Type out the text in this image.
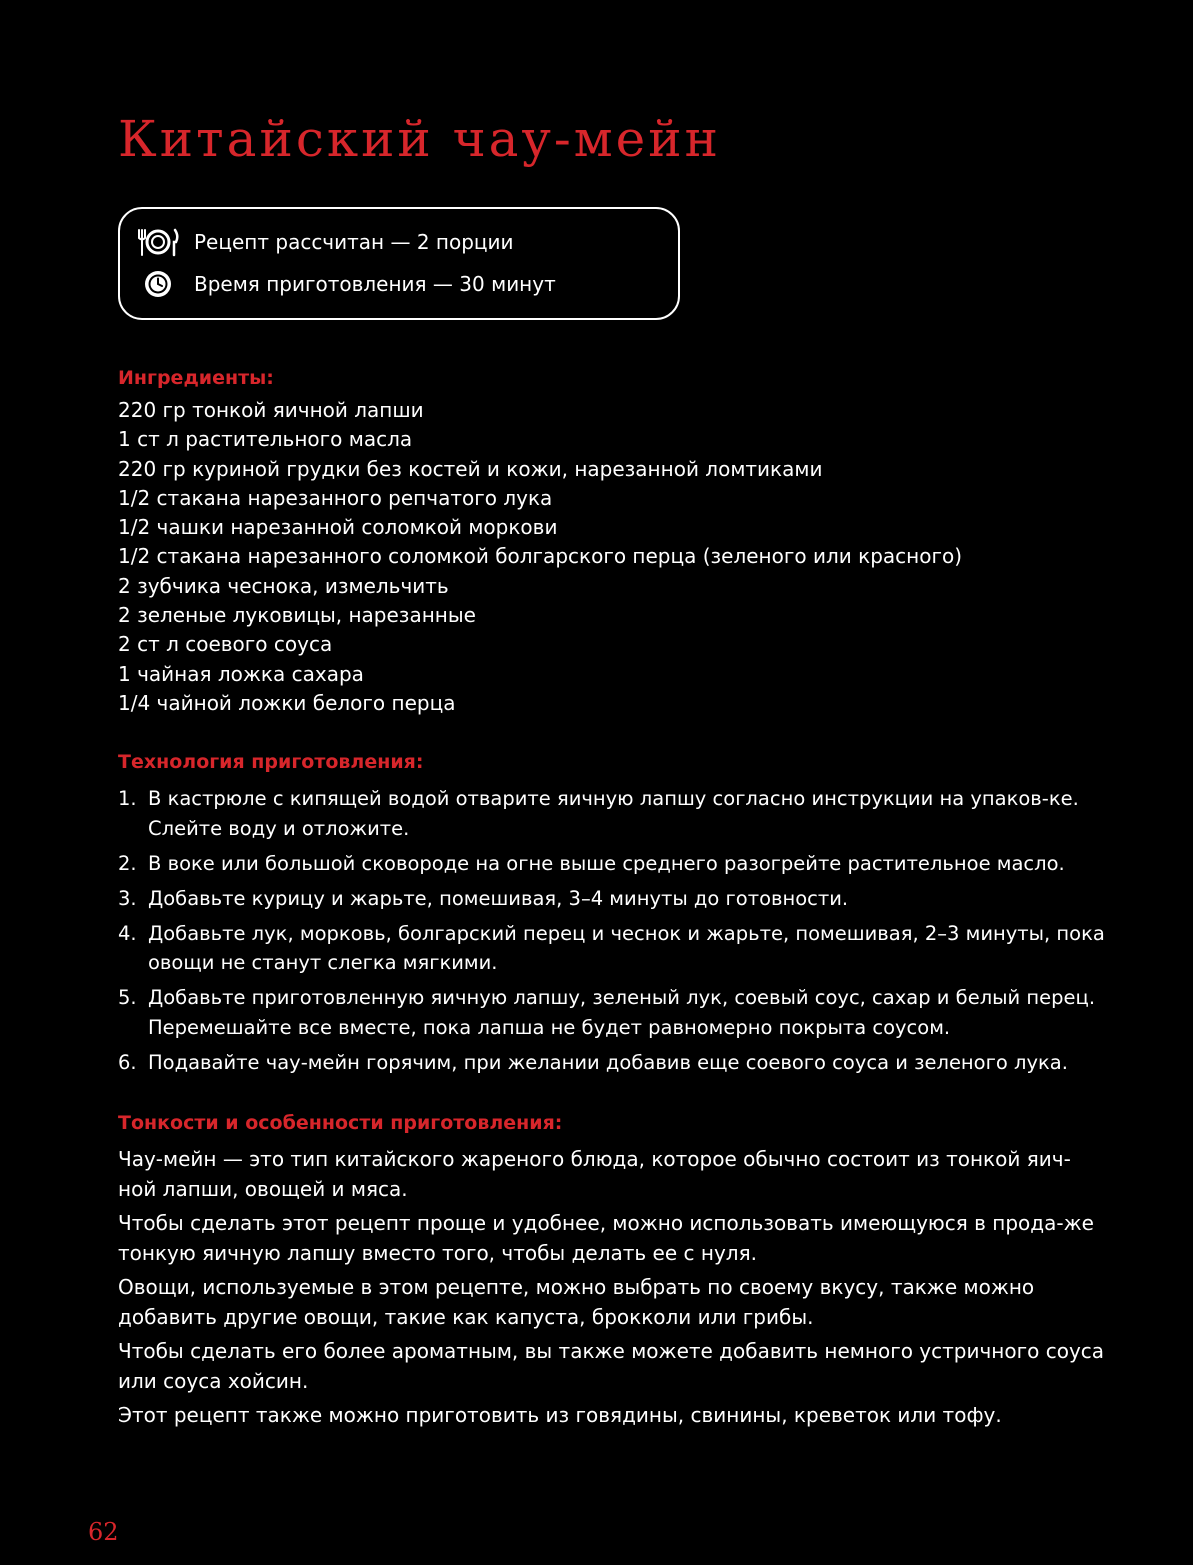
Китайский чау-мейн
Рецепт рассчитан — 2 порции
Время приготовления — 30 минут
Ингредиенты:
220 гр тонкой яичной лапши
1 ст л растительного масла
220 гр куриной грудки без костей и кожи, нарезанной ломтиками
1/2 стакана нарезанного репчатого лука
1/2 чашки нарезанной соломкой моркови
1/2 стакана нарезанного соломкой болгарского перца (зеленого или красного)
2 зубчика чеснока, измельчить
2 зеленые луковицы, нарезанные
2 ст л соевого соуса
1 чайная ложка сахара
1/4 чайной ложки белого перца
Технология приготовления:
1. В кастрюле с кипящей водой отварите яичную лапшу согласно инструкции на упаков-ке. Слейте воду и отложите.
2. В воке или большой сковороде на огне выше среднего разогрейте растительное масло.
3. Добавьте курицу и жарьте, помешивая, 3–4 минуты до готовности.
4. Добавьте лук, морковь, болгарский перец и чеснок и жарьте, помешивая, 2–3 минуты, пока овощи не станут слегка мягкими.
5. Добавьте приготовленную яичную лапшу, зеленый лук, соевый соус, сахар и белый перец. Перемешайте все вместе, пока лапша не будет равномерно покрыта соусом.
6. Подавайте чау-мейн горячим, при желании добавив еще соевого соуса и зеленого лука.
Тонкости и особенности приготовления:

Чау-мейн — это тип китайского жареного блюда, которое обычно состоит из тонкой яич-ной лапши, овощей и мяса.

Чтобы сделать этот рецепт проще и удобнее, можно использовать имеющуюся в прода-же тонкую яичную лапшу вместо того, чтобы делать ее с нуля.

Овощи, используемые в этом рецепте, можно выбрать по своему вкусу, также можно добавить другие овощи, такие как капуста, брокколи или грибы.

Чтобы сделать его более ароматным, вы также можете добавить немного устричного соуса или соуса хойсин.

Этот рецепт также можно приготовить из говядины, свинины, креветок или тофу.

62
